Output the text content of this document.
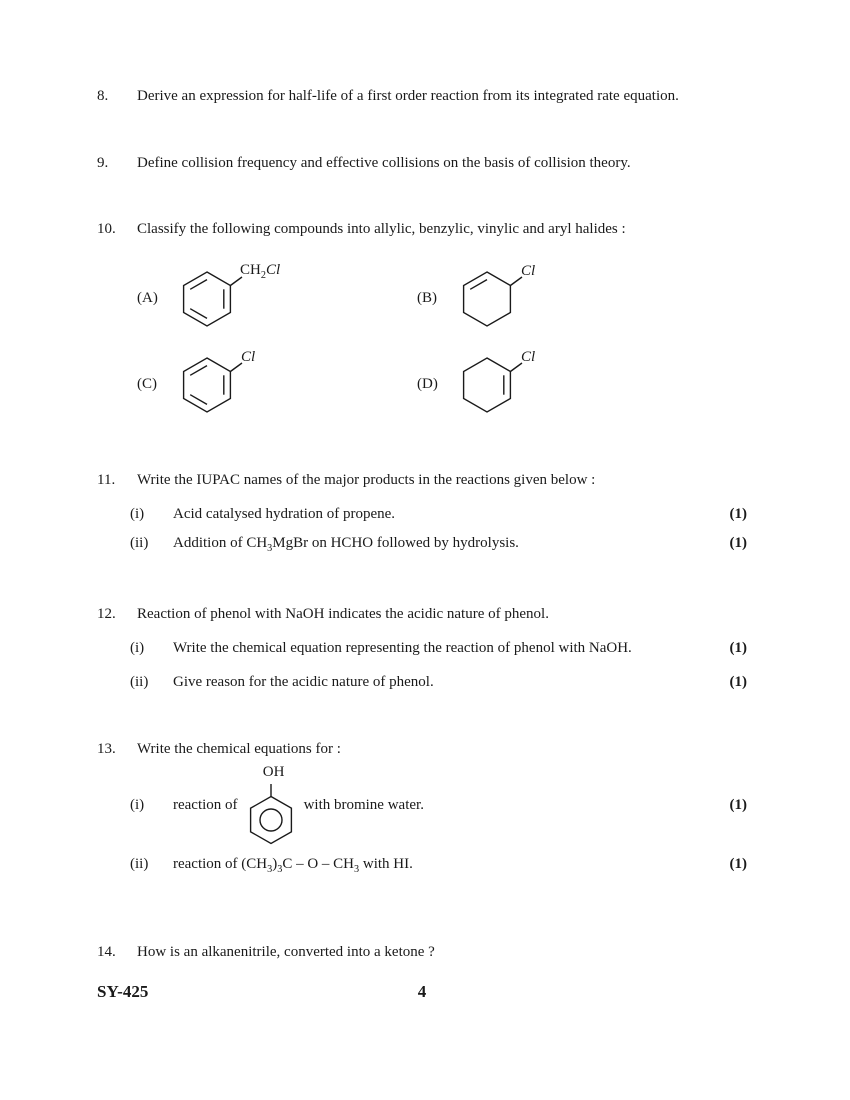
8.	Derive an expression for half-life of a first order reaction from its integrated rate equation.
9.	Define collision frequency and effective collisions on the basis of collision theory.
10.	Classify the following compounds into allylic, benzylic, vinylic and aryl halides :
(A)
$CH_2Cl$
(B)
Cl
(C)
Cl
(D)
Cl
11.	Write the IUPAC names of the major products in the reactions given below :
(i)	Acid catalysed hydration of propene.	(1)
(ii)	Addition of $CH_3MgBr$ on HCHO followed by hydrolysis.	(1)
12.	Reaction of phenol with NaOH indicates the acidic nature of phenol.
(i)	Write the chemical equation representing the reaction of phenol with NaOH.	(1)
(ii)	Give reason for the acidic nature of phenol.	(1)
13.	Write the chemical equations for :
(i)	reaction of
OH
with bromine water.	(1)
(ii)	reaction of $(CH_3)_3C$ – O – $CH_3$ with HI.	(1)
14.	How is an alkanenitrile, converted into a ketone ?
SY-425	4
